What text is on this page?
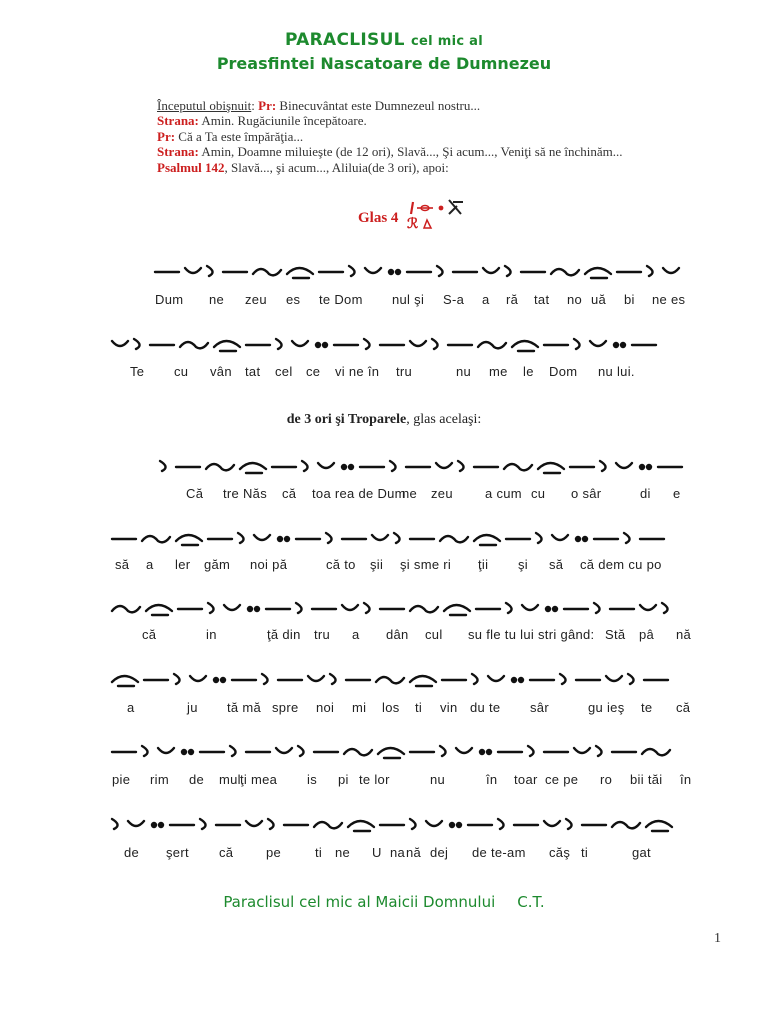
PARACLISUL cel mic al
Preasfintei Nascatoare de Dumnezeu
Începutul obişnuit: Pr: Binecuvântat este Dumnezeul nostru...
Strana: Amin. Rugăciunile începătoare.
Pr: Că a Ta este împărăţia...
Strana: Amin, Doamne miluieşte (de 12 ori), Slavă..., Şi acum..., Veniţi să ne închinăm...
Psalmul 142, Slavă..., şi acum..., Aliluia(de 3 ori), apoi:
Glas 4 ℛ
Dum ne zeu es te Dom nul şi S-a a ră tat no uă bi ne es
Te cu vân tat cel ce vi ne în tru	nu me le Dom nu lui.
de 3 ori şi Troparele, glas acelaşi:
Că tre Năs că toa rea de Dum
ne zeu a cum cu o sâr	di e
să a ler găm noi pă	că to şii şi sme ri ţii şi să că dem cu po
că	in	ţă din tru a dân cul su fle tu lui stri gând: Stă pâ nă
a	ju tă mă spre noi mi los ti vin du te sâr	gu ieş te că
pie rim de mul ţi mea is pi te lor	nu	în toar ce pe ro bii tăi în
de şert că	pe	ti ne U na nă dej de te-am căş ti	gat
Paraclisul cel mic al Maicii Domnului C.T.
1
